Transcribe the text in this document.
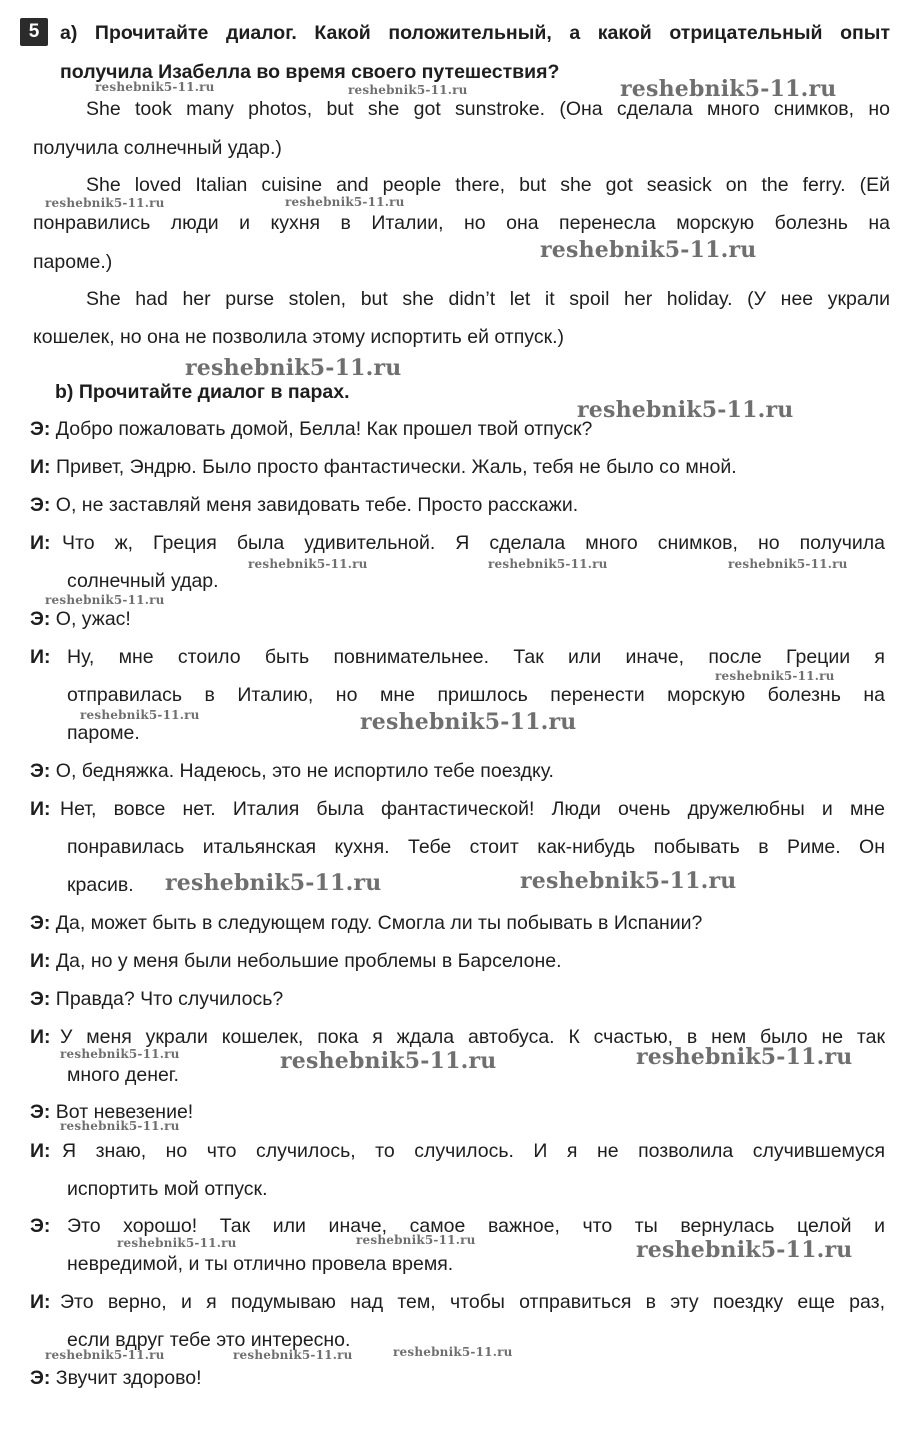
5	a) Прочитайте диалог. Какой положительный, а какой отрицательный опыт
получила Изабелла во время своего путешествия?
She took many photos, but she got sunstroke. (Она сделала много снимков, но
получила солнечный удар.)
She loved Italian cuisine and people there, but she got seasick on the ferry. (Ей
понравились люди и кухня в Италии, но она перенесла морскую болезнь на
пароме.)
She had her purse stolen, but she didn’t let it spoil her holiday. (У нее украли
кошелек, но она не позволила этому испортить ей отпуск.)
b) Прочитайте диалог в парах.
Э: Добро пожаловать домой, Белла! Как прошел твой отпуск?
И: Привет, Эндрю. Было просто фантастически. Жаль, тебя не было со мной.
Э: О, не заставляй меня завидовать тебе. Просто расскажи.
И: Что ж, Греция была удивительной. Я сделала много снимков, но получила
солнечный удар.
Э: О, ужас!
И: Ну, мне стоило быть повнимательнее. Так или иначе, после Греции я
отправилась в Италию, но мне пришлось перенести морскую болезнь на
пароме.
Э: О, бедняжка. Надеюсь, это не испортило тебе поездку.
И: Нет, вовсе нет. Италия была фантастической! Люди очень дружелюбны и мне
понравилась итальянская кухня. Тебе стоит как-нибудь побывать в Риме. Он
красив.
Э: Да, может быть в следующем году. Смогла ли ты побывать в Испании?
И: Да, но у меня были небольшие проблемы в Барселоне.
Э: Правда? Что случилось?
И: У меня украли кошелек, пока я ждала автобуса. К счастью, в нем было не так
много денег.
Э: Вот невезение!
И: Я знаю, но что случилось, то случилось. И я не позволила случившемуся
испортить мой отпуск.
Э: Это хорошо! Так или иначе, самое важное, что ты вернулась целой и
невредимой, и ты отлично провела время.
И: Это верно, и я подумываю над тем, чтобы отправиться в эту поездку еще раз,
если вдруг тебе это интересно.
Э: Звучит здорово!
reshebnik5-11.ru	reshebnik5-11.ru	reshebnik5-11.ru
reshebnik5-11.ru	reshebnik5-11.ru
reshebnik5-11.ru
reshebnik5-11.ru
reshebnik5-11.ru
reshebnik5-11.ru	reshebnik5-11.ru	reshebnik5-11.ru
reshebnik5-11.ru
reshebnik5-11.ru
reshebnik5-11.ru	reshebnik5-11.ru
reshebnik5-11.ru	reshebnik5-11.ru
reshebnik5-11.ru	reshebnik5-11.ru	reshebnik5-11.ru
reshebnik5-11.ru
reshebnik5-11.ru	reshebnik5-11.ru	reshebnik5-11.ru
reshebnik5-11.ru	reshebnik5-11.ru	reshebnik5-11.ru
